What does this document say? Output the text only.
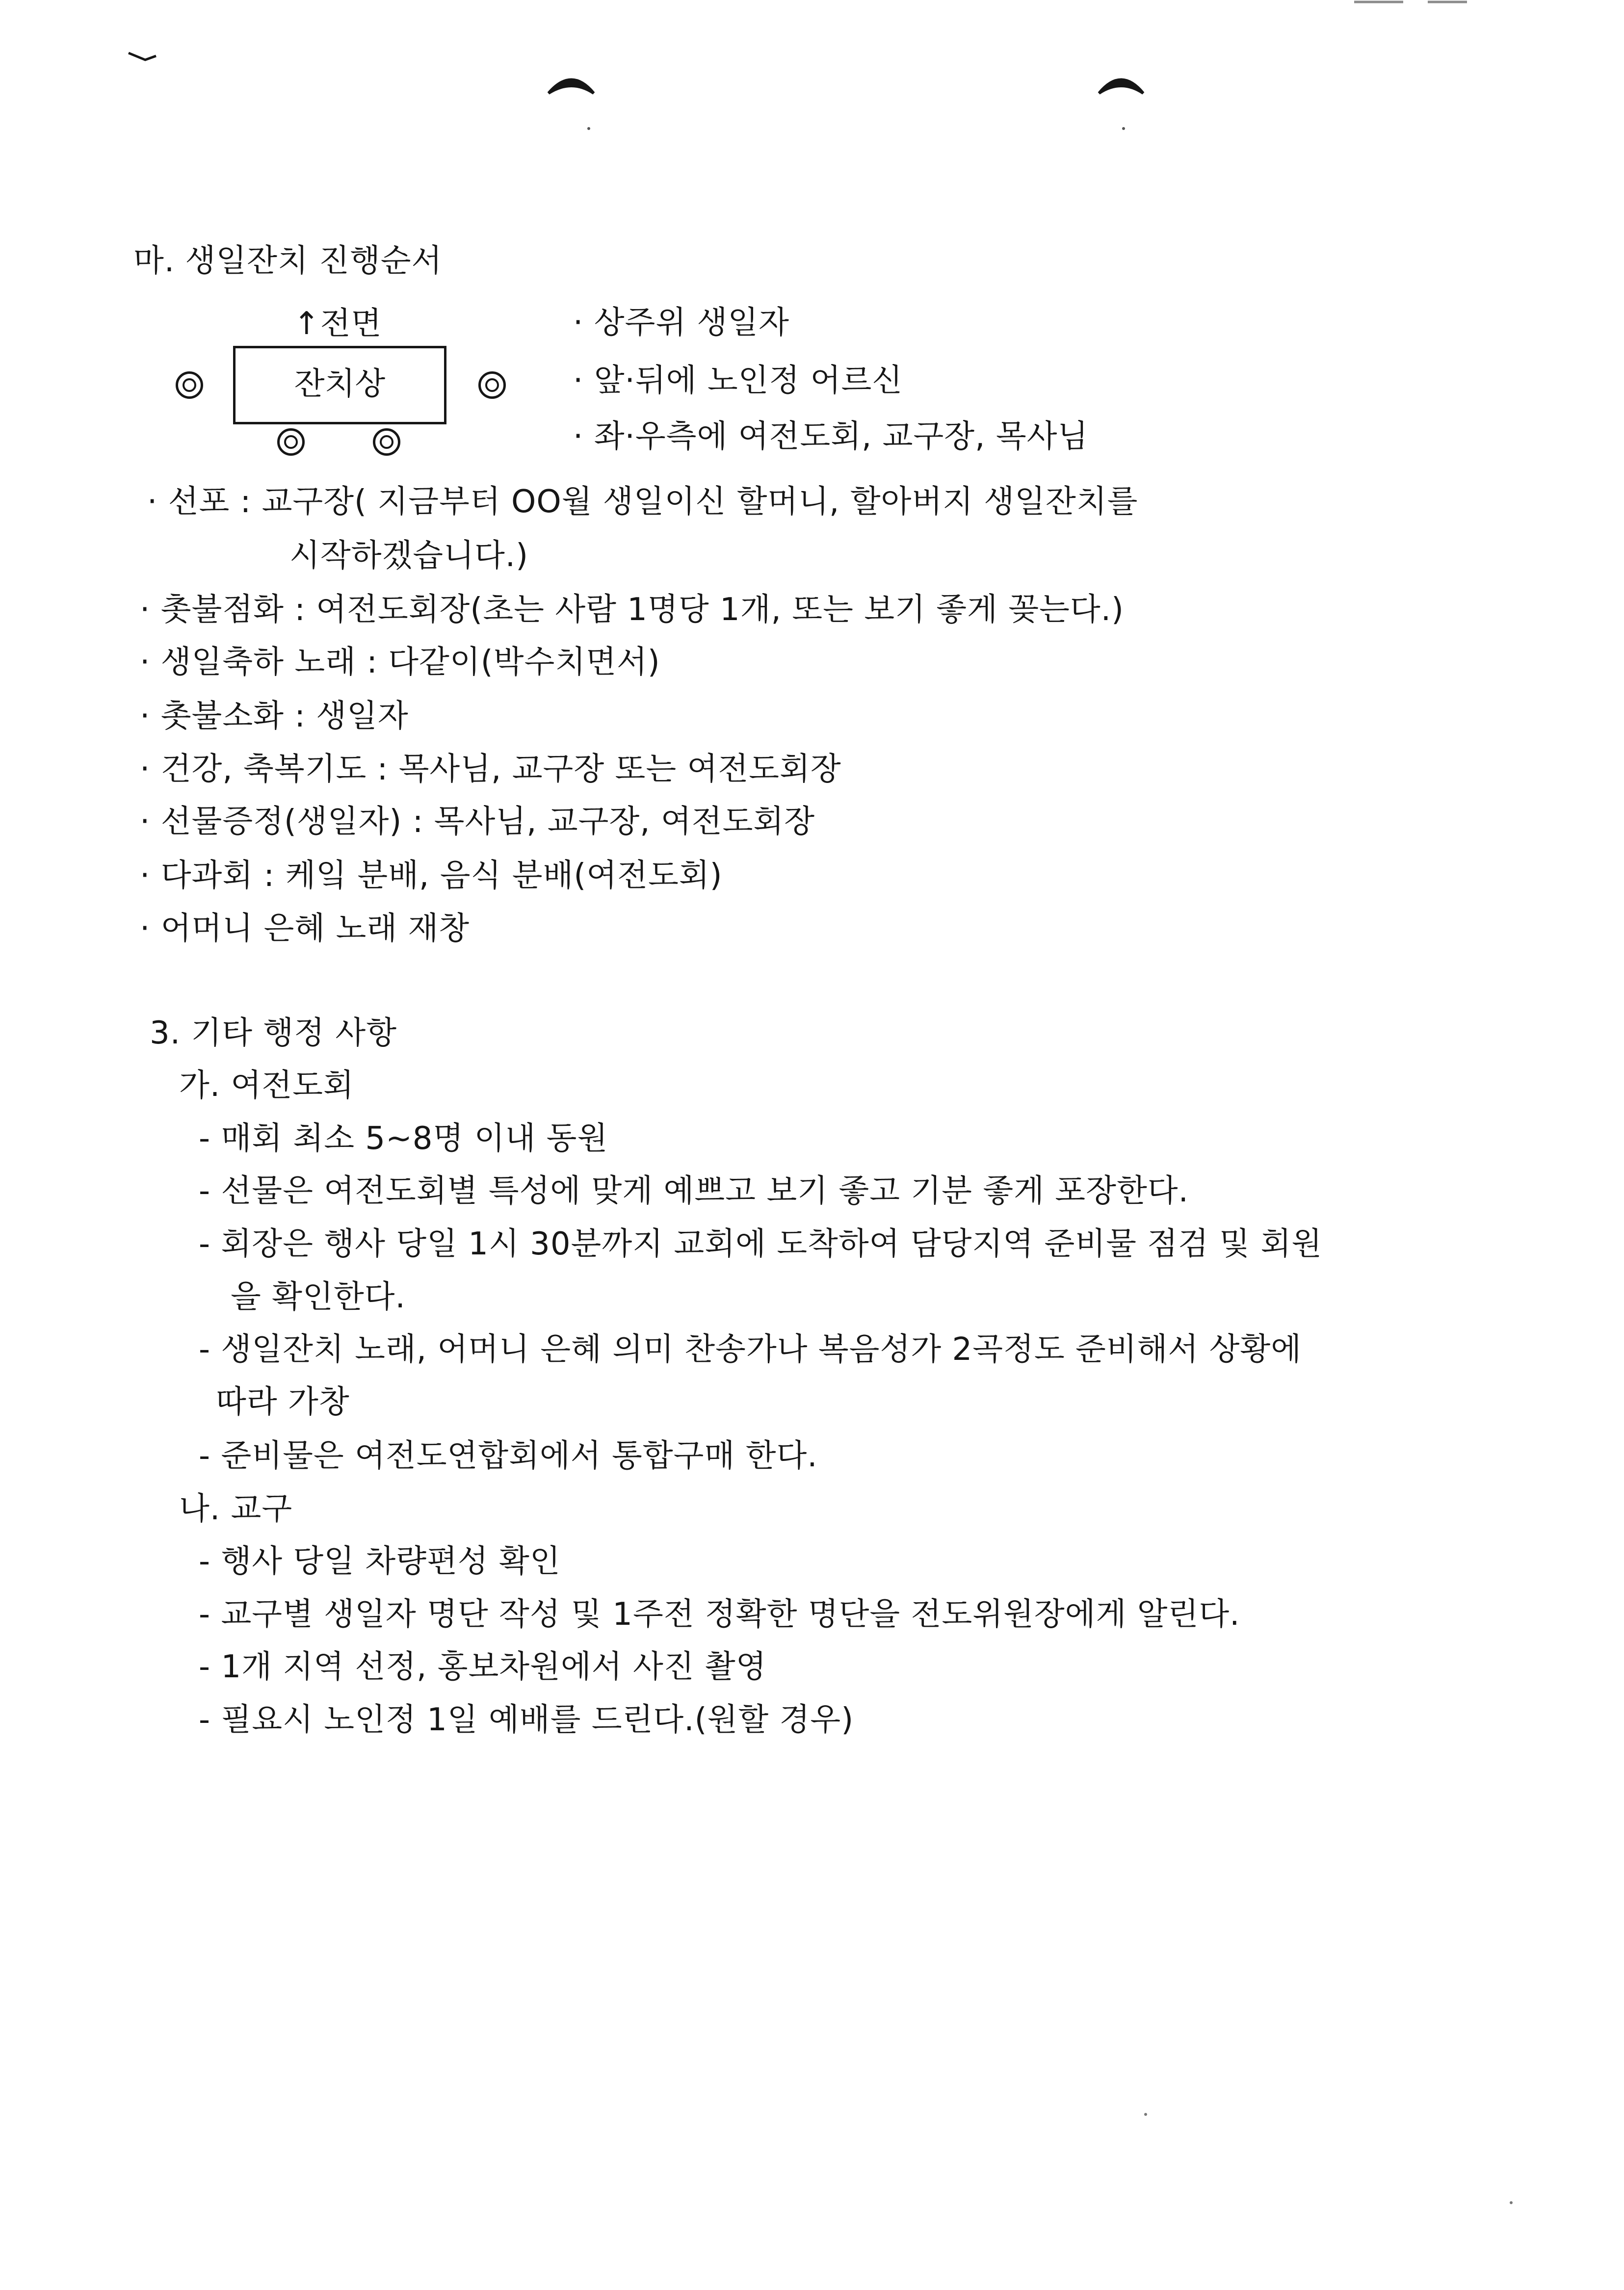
마. 생일잔치 진행순서
↑전면
잔치상
· 상주위 생일자
· 앞·뒤에 노인정 어르신
· 좌·우측에 여전도회, 교구장, 목사님
· 선포 : 교구장( 지금부터 OO월 생일이신 할머니, 할아버지 생일잔치를
시작하겠습니다.)
· 촛불점화 : 여전도회장(초는 사람 1명당 1개, 또는 보기 좋게 꽂는다.)
· 생일축하 노래 : 다같이(박수치면서)
· 촛불소화 : 생일자
· 건강, 축복기도 : 목사님, 교구장 또는 여전도회장
· 선물증정(생일자) : 목사님, 교구장, 여전도회장
· 다과회 : 케잌 분배, 음식 분배(여전도회)
· 어머니 은혜 노래 재창
3. 기타 행정 사항
가. 여전도회
- 매회 최소 5~8명 이내 동원
- 선물은 여전도회별 특성에 맞게 예쁘고 보기 좋고 기분 좋게 포장한다.
- 회장은 행사 당일 1시 30분까지 교회에 도착하여 담당지역 준비물 점검 및 회원
을 확인한다.
- 생일잔치 노래, 어머니 은혜 의미 찬송가나 복음성가 2곡정도 준비해서 상황에
따라 가창
- 준비물은 여전도연합회에서 통합구매 한다.
나. 교구
- 행사 당일 차량편성 확인
- 교구별 생일자 명단 작성 및 1주전 정확한 명단을 전도위원장에게 알린다.
- 1개 지역 선정, 홍보차원에서 사진 촬영
- 필요시 노인정 1일 예배를 드린다.(원할 경우)
